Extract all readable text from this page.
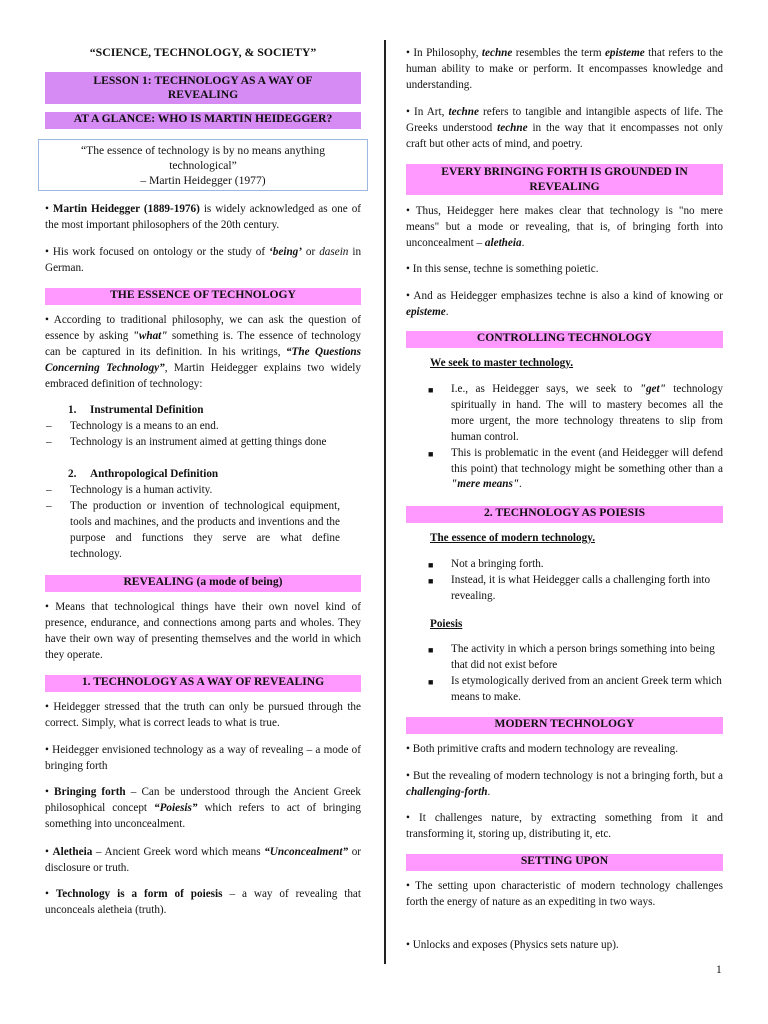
“SCIENCE, TECHNOLOGY, & SOCIETY”
LESSON 1: TECHNOLOGY AS A WAY OF REVEALING
AT A GLANCE: WHO IS MARTIN HEIDEGGER?
“The essence of technology is by no means anything technological”
– Martin Heidegger (1977)
• Martin Heidegger (1889-1976) is widely acknowledged as one of the most important philosophers of the 20th century.
• His work focused on ontology or the study of ‘being’ or dasein in German.
THE ESSENCE OF TECHNOLOGY
• According to traditional philosophy, we can ask the question of essence by asking "what" something is. The essence of technology can be captured in its definition. In his writings, “The Questions Concerning Technology”, Martin Heidegger explains two widely embraced definition of technology:
1. Instrumental Definition
–	Technology is a means to an end.
–	Technology is an instrument aimed at getting things done
2. Anthropological Definition
–	Technology is a human activity.
–	The production or invention of technological equipment, tools and machines, and the products and inventions and the purpose and functions they serve are what define technology.
REVEALING (a mode of being)
• Means that technological things have their own novel kind of presence, endurance, and connections among parts and wholes. They have their own way of presenting themselves and the world in which they operate.
1. TECHNOLOGY AS A WAY OF REVEALING
• Heidegger stressed that the truth can only be pursued through the correct. Simply, what is correct leads to what is true.
• Heidegger envisioned technology as a way of revealing – a mode of bringing forth
• Bringing forth – Can be understood through the Ancient Greek philosophical concept “Poiesis” which refers to act of bringing something into unconcealment.
• Aletheia – Ancient Greek word which means “Unconcealment” or disclosure or truth.
• Technology is a form of poiesis – a way of revealing that unconceals aletheia (truth).
• In Philosophy, techne resembles the term episteme that refers to the human ability to make or perform. It encompasses knowledge and understanding.
• In Art, techne refers to tangible and intangible aspects of life. The Greeks understood techne in the way that it encompasses not only craft but other acts of mind, and poetry.
EVERY BRINGING FORTH IS GROUNDED IN REVEALING
• Thus, Heidegger here makes clear that technology is "no mere means" but a mode or revealing, that is, of bringing forth into unconcealment – aletheia.
• In this sense, techne is something poietic.
• And as Heidegger emphasizes techne is also a kind of knowing or episteme.
CONTROLLING TECHNOLOGY
We seek to master technology.
■	I.e., as Heidegger says, we seek to "get" technology spiritually in hand. The will to mastery becomes all the more urgent, the more technology threatens to slip from human control.
■	This is problematic in the event (and Heidegger will defend this point) that technology might be something other than a "mere means".
2. TECHNOLOGY AS POIESIS
The essence of modern technology.
■	Not a bringing forth.
■	Instead, it is what Heidegger calls a challenging forth into revealing.
Poiesis
■	The activity in which a person brings something into being that did not exist before
■	Is etymologically derived from an ancient Greek term which means to make.
MODERN TECHNOLOGY
• Both primitive crafts and modern technology are revealing.
• But the revealing of modern technology is not a bringing forth, but a challenging-forth.
• It challenges nature, by extracting something from it and transforming it, storing up, distributing it, etc.
SETTING UPON
• The setting upon characteristic of modern technology challenges forth the energy of nature as an expediting in two ways.
• Unlocks and exposes (Physics sets nature up).
1
